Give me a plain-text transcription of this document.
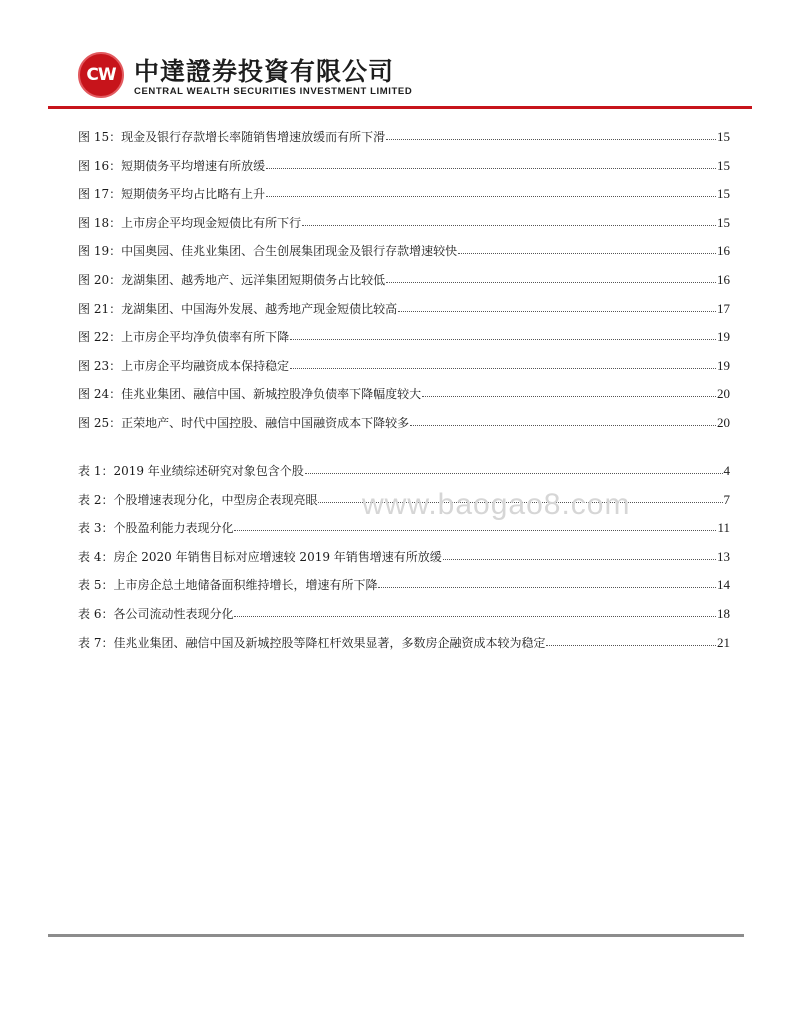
CW 中達證券投資有限公司
CENTRAL WEALTH SECURITIES INVESTMENT LIMITED
图 15：现金及银行存款增长率随销售增速放缓而有所下滑	15
图 16：短期债务平均增速有所放缓	15
图 17：短期债务平均占比略有上升	15
图 18：上市房企平均现金短债比有所下行	15
图 19：中国奥园、佳兆业集团、合生创展集团现金及银行存款增速较快	16
图 20：龙湖集团、越秀地产、远洋集团短期债务占比较低	16
图 21：龙湖集团、中国海外发展、越秀地产现金短债比较高	17
图 22：上市房企平均净负债率有所下降	19
图 23：上市房企平均融资成本保持稳定	19
图 24：佳兆业集团、融信中国、新城控股净负债率下降幅度较大	20
图 25：正荣地产、时代中国控股、融信中国融资成本下降较多	20
表 1：2019 年业绩综述研究对象包含个股	4
表 2：个股增速表现分化，中型房企表现亮眼	7
表 3：个股盈利能力表现分化	11
表 4：房企 2020 年销售目标对应增速较 2019 年销售增速有所放缓	13
表 5：上市房企总土地储备面积维持增长，增速有所下降	14
表 6：各公司流动性表现分化	18
表 7：佳兆业集团、融信中国及新城控股等降杠杆效果显著，多数房企融资成本较为稳定	21
www.baogao8.com
